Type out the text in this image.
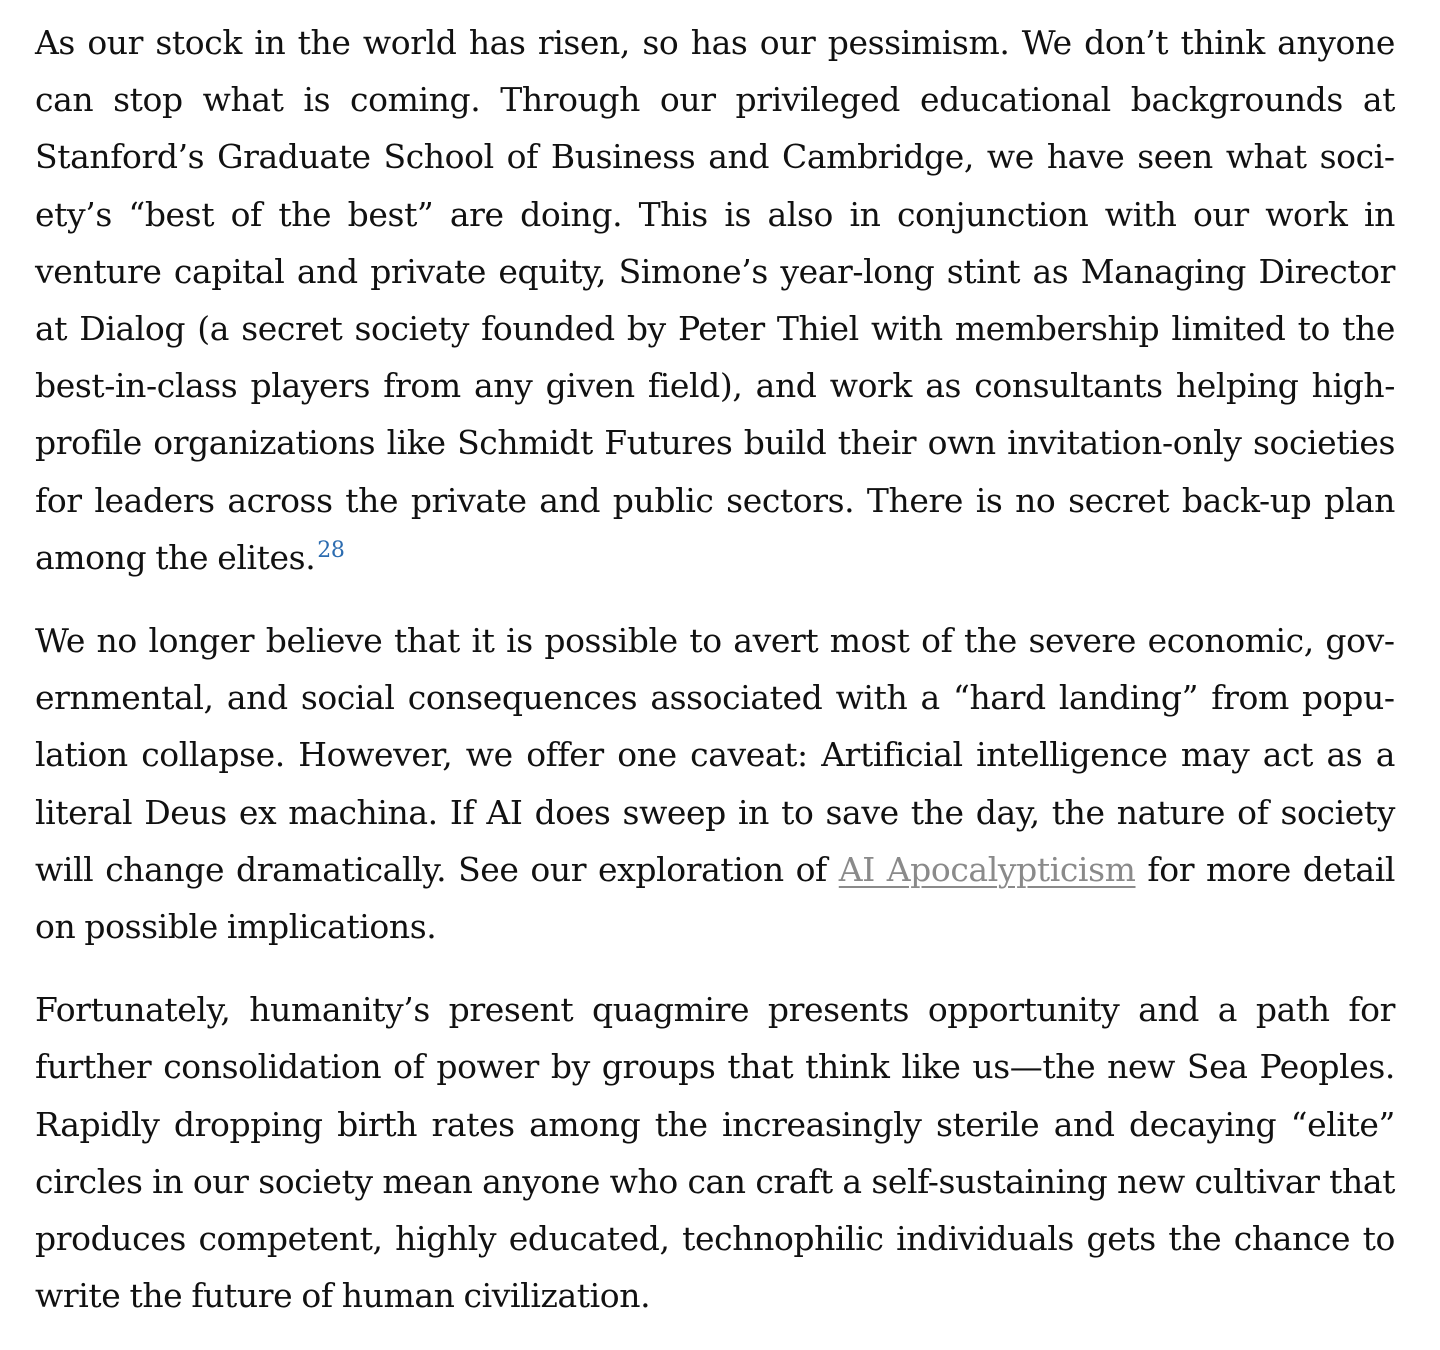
As our stock in the world has risen, so has our pessimism. We don’t think anyone can stop what is coming. Through our privileged educational backgrounds at Stanford’s Graduate School of Business and Cambridge, we have seen what society’s “best of the best” are doing. This is also in conjunction with our work in venture capital and private equity, Simone’s year-long stint as Managing Director at Dialog (a secret society founded by Peter Thiel with membership limited to the best-in-class players from any given field), and work as consultants helping high-profile organizations like Schmidt Futures build their own invitation-only societies for leaders across the private and public sectors. There is no secret back-up plan among the elites.$^{28}$

We no longer believe that it is possible to avert most of the severe economic, governmental, and social consequences associated with a “hard landing” from population collapse. However, we offer one caveat: Artificial intelligence may act as a literal Deus ex machina. If AI does sweep in to save the day, the nature of society will change dramatically. See our exploration of AI Apocalypticism for more detail on possible implications.

Fortunately, humanity’s present quagmire presents opportunity and a path for further consolidation of power by groups that think like us—the new Sea Peoples. Rapidly dropping birth rates among the increasingly sterile and decaying “elite” circles in our society mean anyone who can craft a self-sustaining new cultivar that produces competent, highly educated, technophilic individuals gets the chance to write the future of human civilization.
